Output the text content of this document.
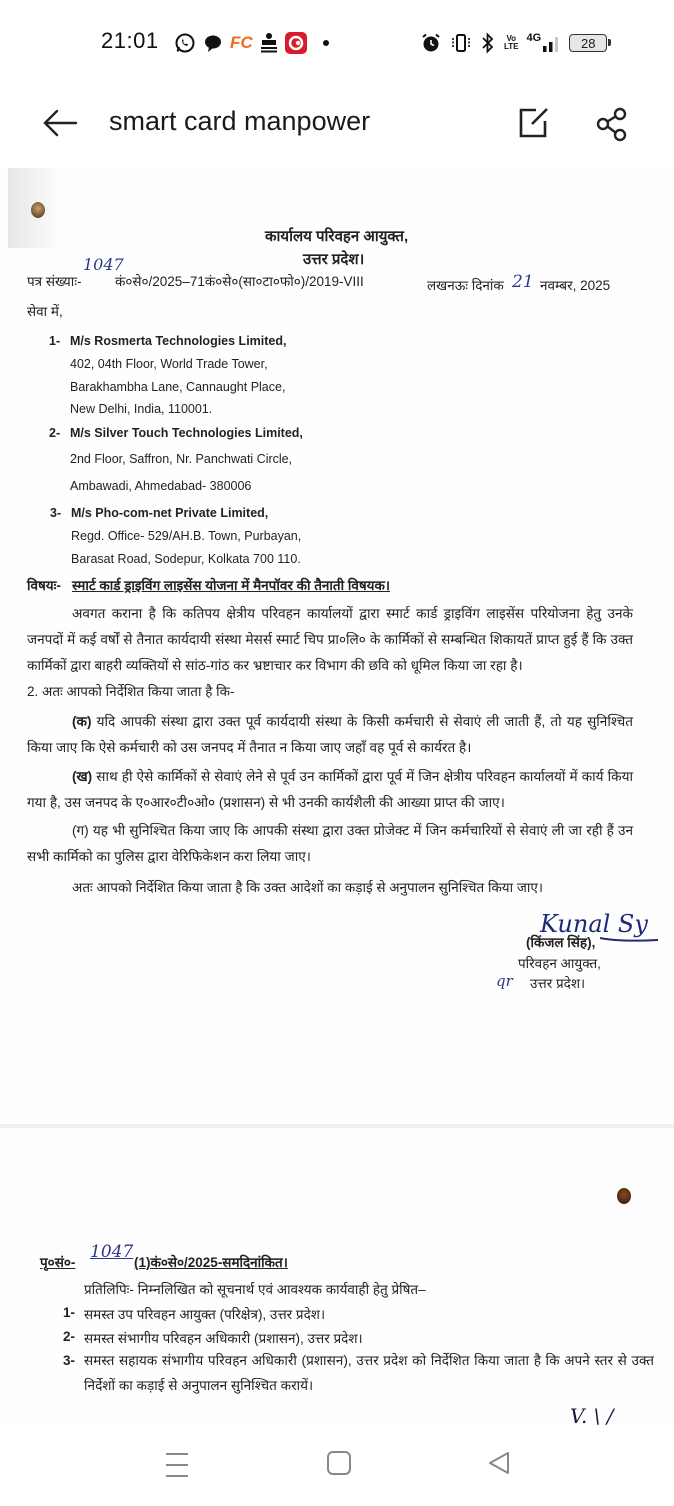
21:01	FC	Vo
LTE
4G	28
smart card manpower
कार्यालय परिवहन आयुक्त,
उत्तर प्रदेश।
पत्र संख्याः-
1047
कं०से०/2025–71कं०से०(सा०टा०फो०)/2019-VIII	लखनऊः दिनांक 21 नवम्बर, 2025
सेवा में,
1- M/s Rosmerta Technologies Limited,
402, 04th Floor, World Trade Tower,
Barakhambha Lane, Cannaught Place,
New Delhi, India, 110001.
2- M/s Silver Touch Technologies Limited,
2nd Floor, Saffron, Nr. Panchwati Circle,
Ambawadi, Ahmedabad- 380006
3- M/s Pho-com-net Private Limited,
Regd. Office- 529/AH.B. Town, Purbayan,
Barasat Road, Sodepur, Kolkata 700 110.
विषयः- स्मार्ट कार्ड ड्राइविंग लाइसेंस योजना में मैनपॉवर की तैनाती विषयक।
अवगत कराना है कि कतिपय क्षेत्रीय परिवहन कार्यालयों द्वारा स्मार्ट कार्ड ड्राइविंग लाइसेंस परियोजना हेतु उनके जनपदों में कई वर्षों से तैनात कार्यदायी संस्था मेसर्स स्मार्ट चिप प्रा०लि० के कार्मिकों से सम्बन्धित शिकायतें प्राप्त हुई हैं कि उक्त कार्मिकों द्वारा बाहरी व्यक्तियों से सांठ-गांठ कर भ्रष्टाचार कर विभाग की छवि को धूमिल किया जा रहा है।
2. अतः आपको निर्देशित किया जाता है कि-
(क) यदि आपकी संस्था द्वारा उक्त पूर्व कार्यदायी संस्था के किसी कर्मचारी से सेवाएं ली जाती हैं, तो यह सुनिश्चित किया जाए कि ऐसे कर्मचारी को उस जनपद में तैनात न किया जाए जहाँ वह पूर्व से कार्यरत है।
(ख) साथ ही ऐसे कार्मिकों से सेवाएं लेने से पूर्व उन कार्मिकों द्वारा पूर्व में जिन क्षेत्रीय परिवहन कार्यालयों में कार्य किया गया है, उस जनपद के ए०आर०टी०ओ० (प्रशासन) से भी उनकी कार्यशैली की आख्या प्राप्त की जाए।
(ग) यह भी सुनिश्चित किया जाए कि आपकी संस्था द्वारा उक्त प्रोजेक्ट में जिन कर्मचारियों से सेवाएं ली जा रही हैं उन सभी कार्मिको का पुलिस द्वारा वेरिफिकेशन करा लिया जाए।
अतः आपको निर्देशित किया जाता है कि उक्त आदेशों का कड़ाई से अनुपालन सुनिश्चित किया जाए।
Kunal Sy
(किंजल सिंह),
परिवहन आयुक्त,
qr उत्तर प्रदेश।
पृ०सं०-
1047
(1)कं०से०/2025-समदिनांकित।
प्रतिलिपिः- निम्नलिखित को सूचनार्थ एवं आवश्यक कार्यवाही हेतु प्रेषित–
1- समस्त उप परिवहन आयुक्त (परिक्षेत्र), उत्तर प्रदेश।
2- समस्त संभागीय परिवहन अधिकारी (प्रशासन), उत्तर प्रदेश।
3- समस्त सहायक संभागीय परिवहन अधिकारी (प्रशासन), उत्तर प्रदेश को निर्देशित किया जाता है कि अपने स्तर से उक्त निर्देशों का कड़ाई से अनुपालन सुनिश्चित करायें।
V. \ /
